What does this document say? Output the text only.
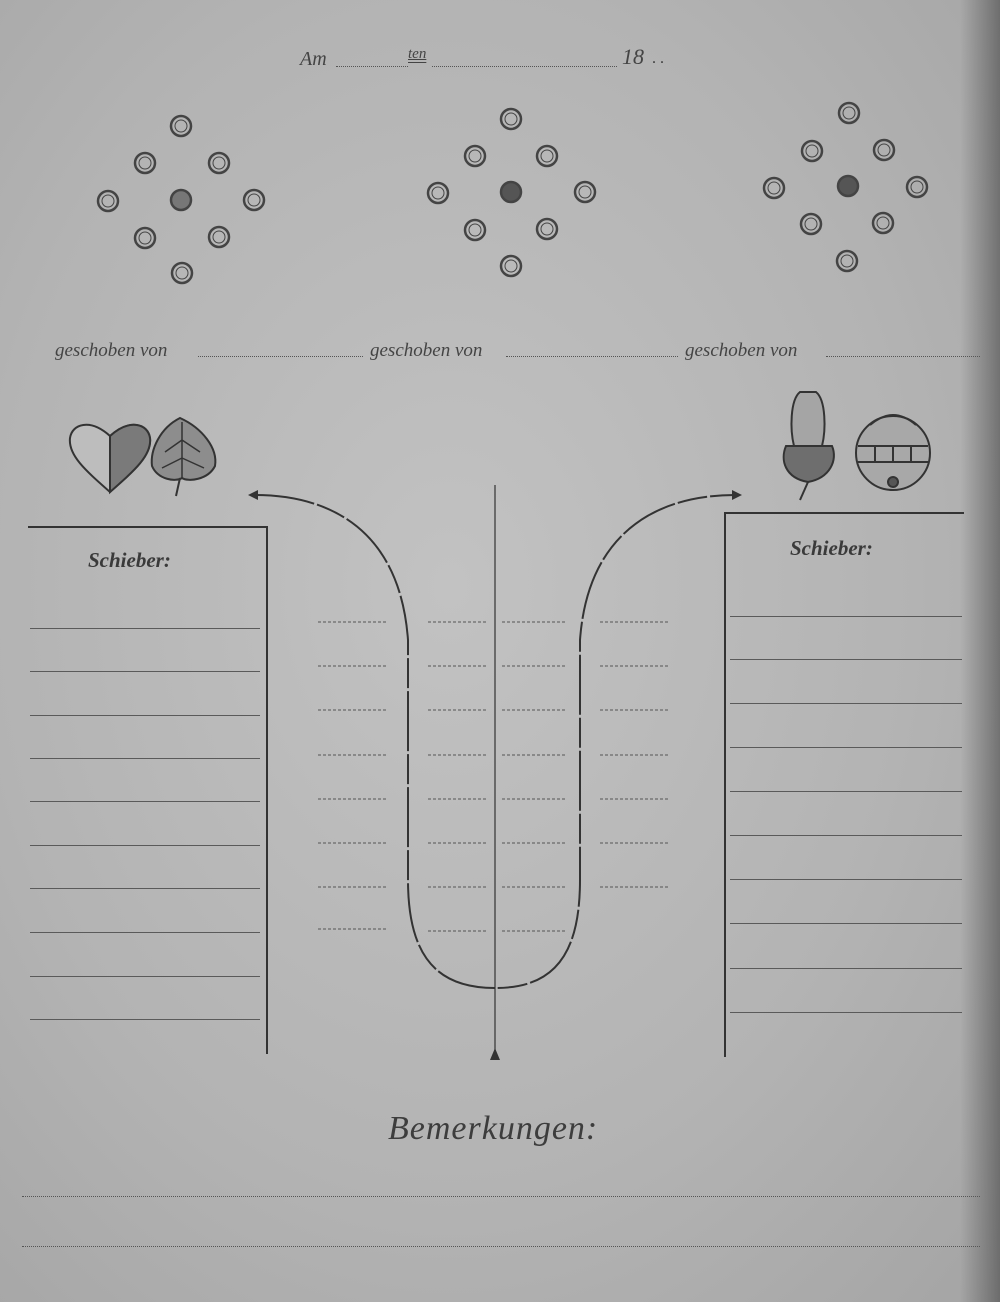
Am	ten	18 . .
geschoben von	geschoben von	geschoben von
Schieber:	Schieber:
Bemerkungen:
